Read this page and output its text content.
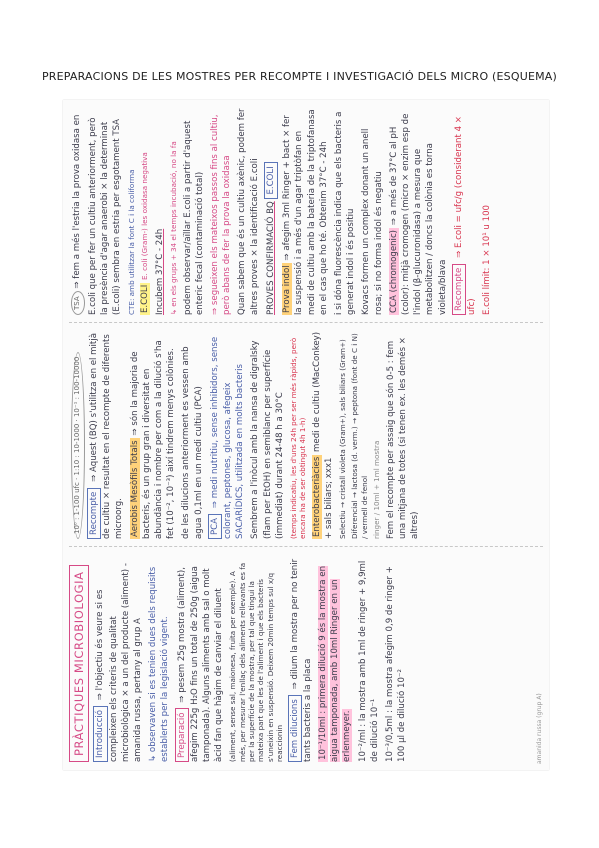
PREPARACIONS DE LES MOSTRES PER RECOMPTE I INVESTIGACIÓ DELS MICRO (ESQUEMA)
PRÀCTIQUES MICROBIOLOGIA Introducció ⇒ l'objectiu és veure si es compleixen els criteris de qualitat microbiològica × a un del producte (aliment) - amanida russa, pertany al grup A ↳ observaven si es tenien dues dels requisits establerts per la legislació vigent. Preparació ⇒ pesem 25g mostra (aliment), afegim 225g H₂O fins un total de 250g (aigua tamponada). Alguns aliments amb sal o molt àcid fan que hàgim de canviar el diluent (aliment, sense sal, maionesa, fruita per exemple). A més, per mesurar l'enllaç dels aliments rellevants es fa per la superfície de la mostra, per tal que tingui la mateixa part que les de l'aliment i que els bacteris s'uneixin en suspensió. Deixem 20min temps sul x/q reaccionin Fem dilucions ⇒ dilum la mostra per no tenir tants bacteris a la placa 10⁻¹/10ml : primera dilució 9 és la mostra en aigua tamponada, amb 10ml Ringer en un erlenmeyer. 10⁻²/ml : la mostra amb 1ml de ringer + 9,9ml de dilució 10⁻¹ 10⁻³/0,5ml : la mostra afegim 0,9 de ringer + 100 µl de dilució 10⁻²	amanida russa (grup A)
10⁰ : 1-100 ufc · 1:10 : 10-1000 · 10⁻¹ : 100-10000 Recompte ⇒ Aquest (BQ) s'utilitza en el mitjà de cultiu × resultat en el recompte de diferents microorg. Aerobis Mesòfils Totals ⇒ són la majoria de bacteris, és un grup gran i diversitat en abundància i nombre per com a la dilució s'ha fet (10⁻², 10⁻³) així tindrem menys colònies. de les dilucions anteriorment es vessen amb agua 0,1ml en un medi cultiu (PCA) PCA ⇒ medi nutritiu, sense inhibidors, sense colorant, peptones, glucosa, afegeix SACARÍDICS, utilitzada en molts bacteris Sembrem a l'inòcul amb la nansa de digralsky (flam per EtOH) en semiblanc per superfície (immediat) durant 24-48 h a 30°C (temps indicatiu, les d'uns 24h per ser més ràpids, però encara ha de ser obtingut 4h 1-h) Enterobacteriàcies medi de cultiu (MacConkey) + sals biliars; xxx1 Selectiu → cristall violeta (Gram+), sals biliars (Gram+) Diferencial → lactosa (d. verm.) → peptona (font de C i N) / vermell de fenol ringer / 10ml + 1ml mostra Fem el recompte per assaig que són 0-5 : fem una mitjana de totes (si tenen ex. les demés × altres)

TSA ⇒ fem a més l'estria la prova oxidasa en E.coli que per fer un cultiu anteriorment, però la presència d'agar anaerobi × la determinat (E.coli) sembra en estria per esgotament TSA CTE: amb utilitzar la font C i la coliforma E.COLI E. coli (Gram-) les oxidasa negativa Incubem 37°C - 24h ↳ en els grups + 34 el temps incubació, no la fa podem observar/aïllar E.coli a partir d'aquest enteric fecal (contaminació total) ⇒ segueixen els mateixos passos fins al cultiu, però abans de fer la prova la oxidasa Quan sabem que és un cultiu axènic, podem fer altres proves × la identificació E.coli PROVES CONFIRMACIÓ BQ E.COLI

Prova indol ⇒ afegim 3ml Ringer + bact × fer la suspensió i a més d'un agar triptòfan en medi de cultiu amb la bateria de la triptofanasa en el cas que ho té. Obtenim 37°C - 24h i si dóna fluorescència indica que els bacteris a generat indol i és positiu Kovacs formen un complex donant un anell rosa; si no forma indol és negatiu CCA (chromogenic) ⇒ a més de 37°C al pH (color): mitjà cromogen (micro × enzim esp de l'indol (β-glucuronidasa) a mesura que metabolitzen / doncs la colònia es torna violeta/blava Recompte ⇒ E.coli = ufc/g (considerant 4 × ufc) E.coli límit: 1 × 10¹ u 100
